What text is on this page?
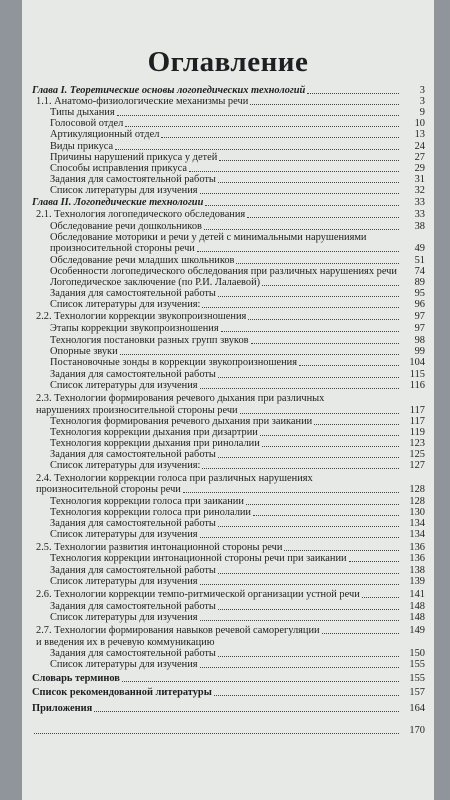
Оглавление
Глава I. Теоретические основы логопедических технологий	3
1.1. Анатомо-физиологические механизмы речи	3
Типы дыхания	9
Голосовой отдел	10
Артикуляционный отдел	13
Виды прикуса	24
Причины нарушений прикуса у детей	27
Способы исправления прикуса	29
Задания для самостоятельной работы	31
Список литературы для изучения	32
Глава II. Логопедические технологии	33
2.1. Технология логопедического обследования	33
Обследование речи дошкольников	38
Обследование моторики и речи у детей с минимальными нарушениями
произносительной стороны речи	49
Обследование речи младших школьников	51
Особенности логопедического обследования при различных нарушениях речи	74
Логопедическое заключение (по Р.И. Лалаевой)	89
Задания для самостоятельной работы	95
Список литературы для изучения:	96
2.2. Технологии коррекции звукопроизношения	97
Этапы коррекции звукопроизношения	97
Технология постановки разных групп звуков	98
Опорные звуки	99
Постановочные зонды в коррекции звукопроизношения	104
Задания для самостоятельной работы	115
Список литературы для изучения	116
2.3. Технологии формирования речевого дыхания при различных
нарушениях произносительной стороны речи	117
Технология формирования речевого дыхания при заикании	117
Технология коррекции дыхания при дизартрии	119
Технология коррекции дыхания при ринолалии	123
Задания для самостоятельной работы	125
Список литературы для изучения:	127
2.4. Технологии коррекции голоса при различных нарушениях
произносительной стороны речи	128
Технология коррекции голоса при заикании	128
Технология коррекции голоса при ринолалии	130
Задания для самостоятельной работы	134
Список литературы для изучения	134
2.5. Технологии развития интонационной стороны речи	136
Технология коррекции интонационной стороны речи при заикании	136
Задания для самостоятельной работы	138
Список литературы для изучения	139
2.6. Технологии коррекции темпо-ритмической организации устной речи	141
Задания для самостоятельной работы	148
Список литературы для изучения	148
2.7. Технологии формирования навыков речевой саморегуляции	149
и введения их в речевую коммуникацию
Задания для самостоятельной работы	150
Список литературы для изучения	155
Словарь терминов	155
Список рекомендованной литературы	157
Приложения	164
170
